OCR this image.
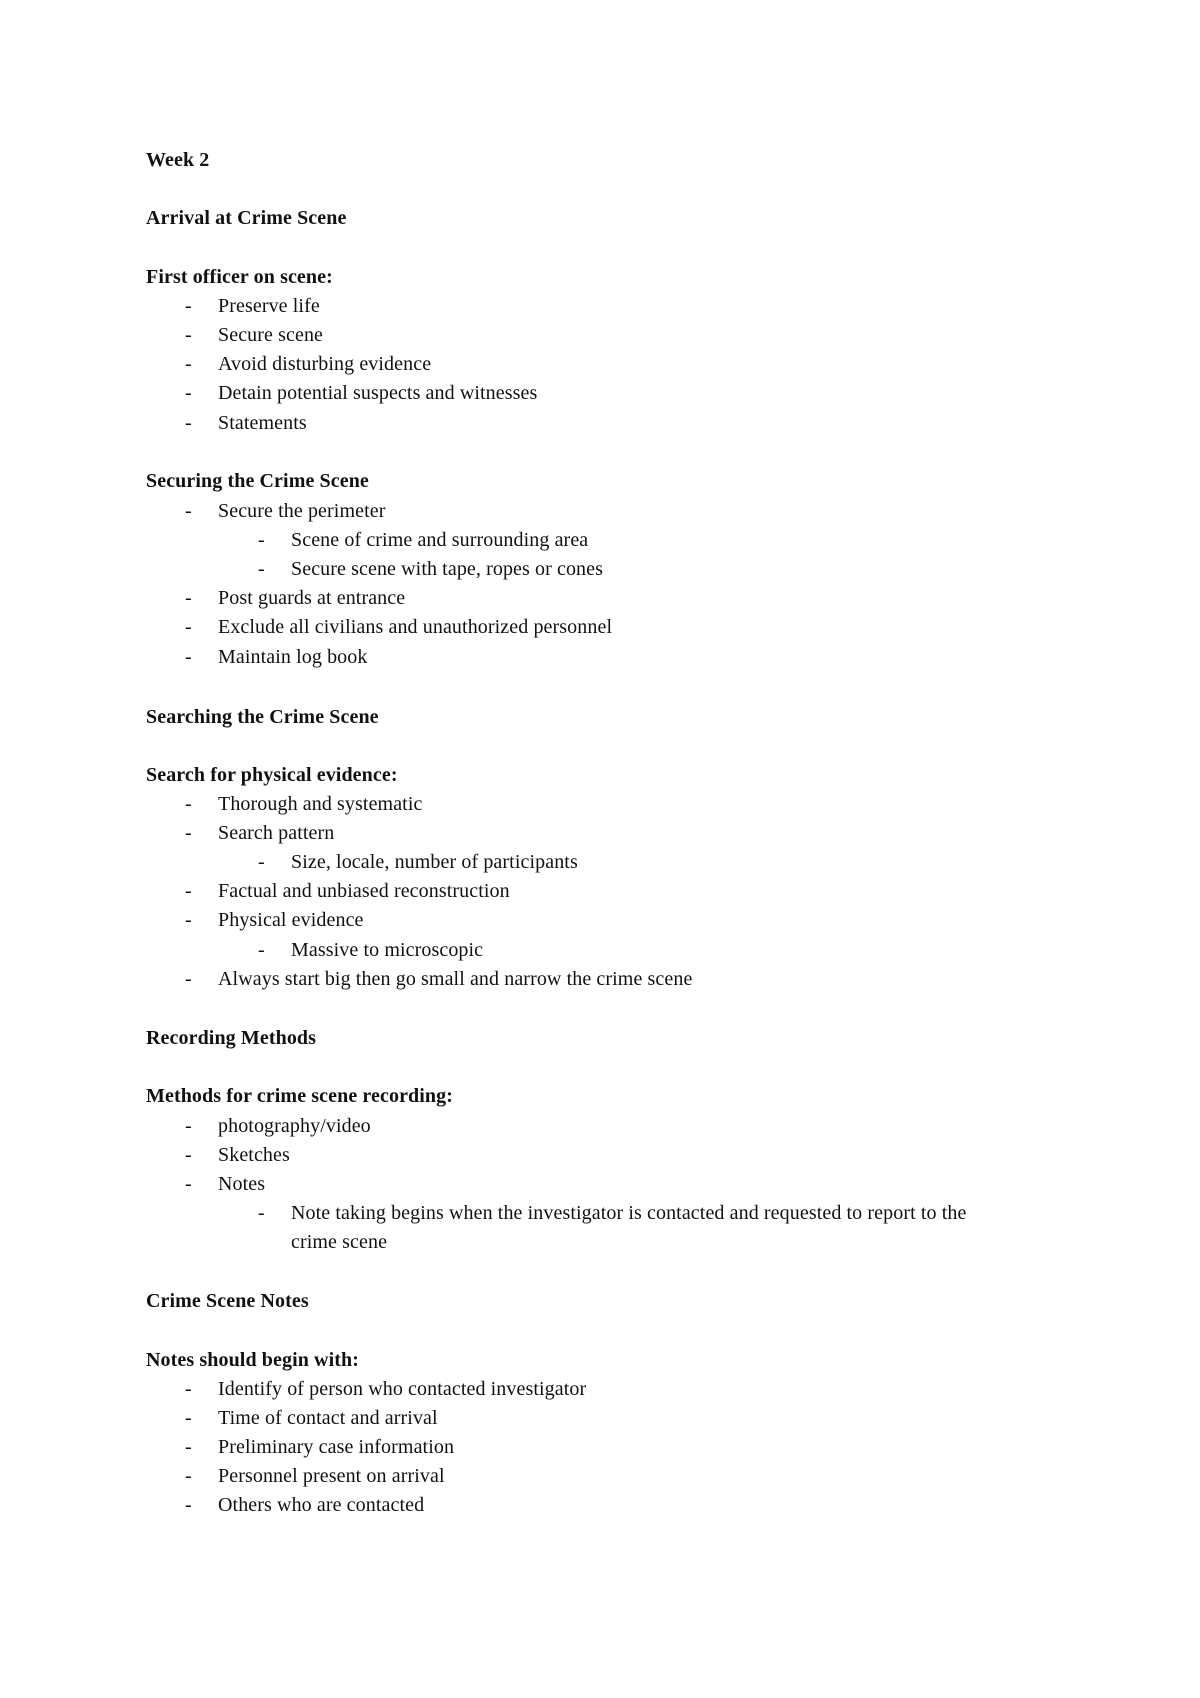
Week 2
Arrival at Crime Scene
First officer on scene:
- Preserve life
- Secure scene
- Avoid disturbing evidence
- Detain potential suspects and witnesses
- Statements
Securing the Crime Scene
- Secure the perimeter
- Scene of crime and surrounding area
- Secure scene with tape, ropes or cones
- Post guards at entrance
- Exclude all civilians and unauthorized personnel
- Maintain log book
Searching the Crime Scene
Search for physical evidence:
- Thorough and systematic
- Search pattern
- Size, locale, number of participants
- Factual and unbiased reconstruction
- Physical evidence
- Massive to microscopic
- Always start big then go small and narrow the crime scene
Recording Methods
Methods for crime scene recording:
- photography/video
- Sketches
- Notes
- Note taking begins when the investigator is contacted and requested to report to the
crime scene
Crime Scene Notes
Notes should begin with:
- Identify of person who contacted investigator
- Time of contact and arrival
- Preliminary case information
- Personnel present on arrival
- Others who are contacted
